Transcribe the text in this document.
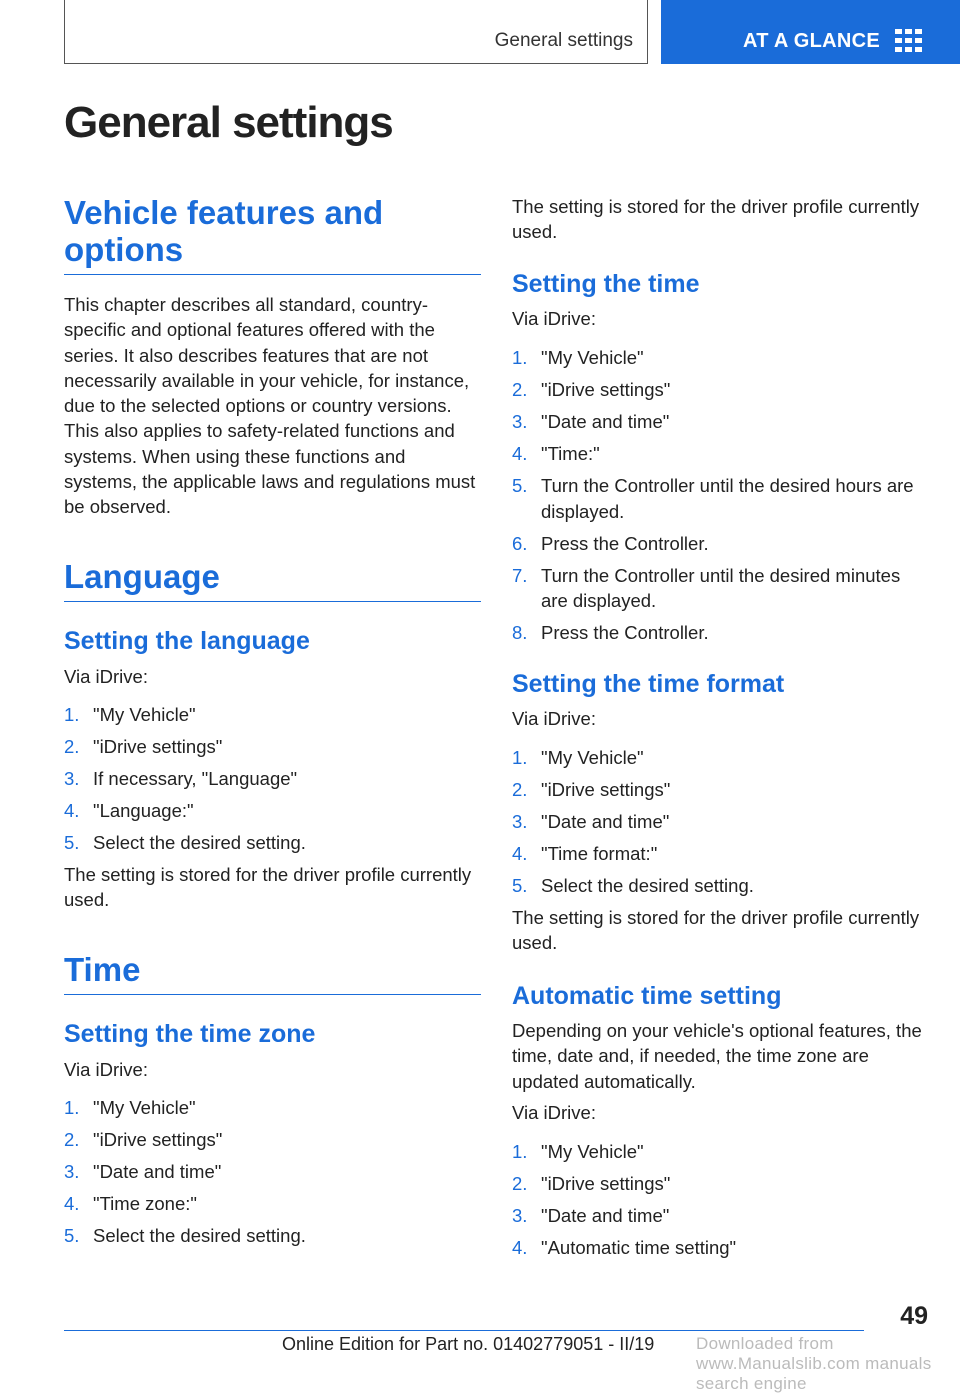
General settings	AT A GLANCE
General settings
Vehicle features and options
This chapter describes all standard, country-specific and optional features offered with the series. It also describes features that are not necessarily available in your vehicle, for instance, due to the selected options or country versions. This also applies to safety-related functions and systems. When using these functions and systems, the applicable laws and regulations must be observed.
Language
Setting the language
Via iDrive:
1. "My Vehicle"
2. "iDrive settings"
3. If necessary, "Language"
4. "Language:"
5. Select the desired setting.
The setting is stored for the driver profile currently used.
Time
Setting the time zone
Via iDrive:
1. "My Vehicle"
2. "iDrive settings"
3. "Date and time"
4. "Time zone:"
5. Select the desired setting.
The setting is stored for the driver profile currently used.
Setting the time
Via iDrive:
1. "My Vehicle"
2. "iDrive settings"
3. "Date and time"
4. "Time:"
5. Turn the Controller until the desired hours are displayed.
6. Press the Controller.
7. Turn the Controller until the desired minutes are displayed.
8. Press the Controller.
Setting the time format
Via iDrive:
1. "My Vehicle"
2. "iDrive settings"
3. "Date and time"
4. "Time format:"
5. Select the desired setting.
The setting is stored for the driver profile currently used.
Automatic time setting
Depending on your vehicle's optional features, the time, date and, if needed, the time zone are updated automatically.
Via iDrive:
1. "My Vehicle"
2. "iDrive settings"
3. "Date and time"
4. "Automatic time setting"
49
Online Edition for Part no. 01402779051 - II/19 Downloaded from www.Manualslib.com manuals search engine
